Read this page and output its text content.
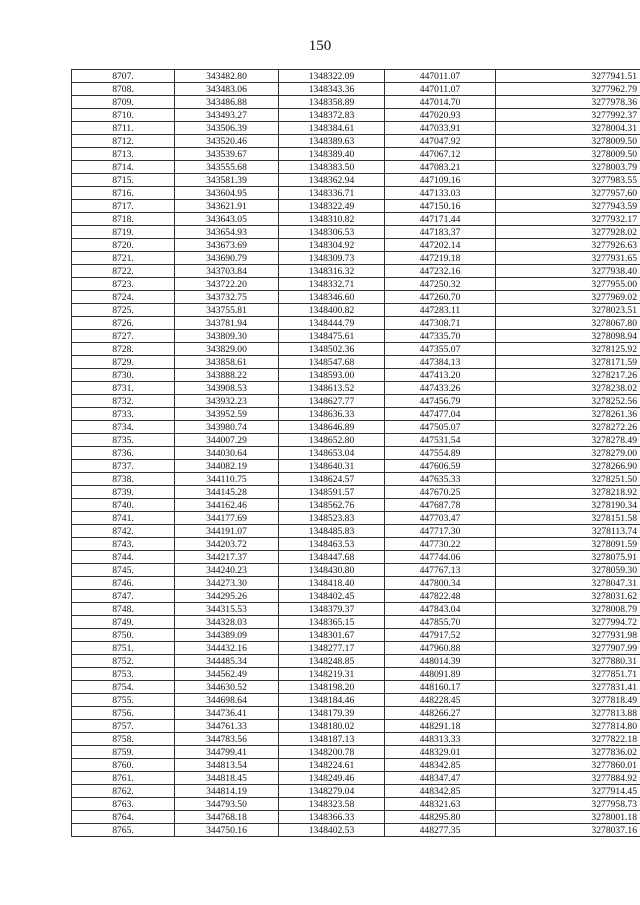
150
8707.	343482.80	1348322.09	447011.07	3277941.51
8708.	343483.06	1348343.36	447011.07	3277962.79
8709.	343486.88	1348358.89	447014.70	3277978.36
8710.	343493.27	1348372.83	447020.93	3277992.37
8711.	343506.39	1348384.61	447033.91	3278004.31
8712.	343520.46	1348389.63	447047.92	3278009.50
8713.	343539.67	1348389.40	447067.12	3278009.50
8714.	343555.68	1348383.50	447083.21	3278003.79
8715.	343581.39	1348362.94	447109.16	3277983.55
8716.	343604.95	1348336.71	447133.03	3277957.60
8717.	343621.91	1348322.49	447150.16	3277943.59
8718.	343643.05	1348310.82	447171.44	3277932.17
8719.	343654.93	1348306.53	447183.37	3277928.02
8720.	343673.69	1348304.92	447202.14	3277926.63
8721.	343690.79	1348309.73	447219.18	3277931.65
8722.	343703.84	1348316.32	447232.16	3277938.40
8723.	343722.20	1348332.71	447250.32	3277955.00
8724.	343732.75	1348346.60	447260.70	3277969.02
8725.	343755.81	1348400.82	447283.11	3278023.51
8726.	343781.94	1348444.79	447308.71	3278067.80
8727.	343809.30	1348475.61	447335.70	3278098.94
8728.	343829.00	1348502.36	447355.07	3278125.92
8729.	343858.61	1348547.68	447384.13	3278171.59
8730.	343888.22	1348593.00	447413.20	3278217.26
8731.	343908.53	1348613.52	447433.26	3278238.02
8732.	343932.23	1348627.77	447456.79	3278252.56
8733.	343952.59	1348636.33	447477.04	3278261.36
8734.	343980.74	1348646.89	447505.07	3278272.26
8735.	344007.29	1348652.80	447531.54	3278278.49
8736.	344030.64	1348653.04	447554.89	3278279.00
8737.	344082.19	1348640.31	447606.59	3278266.90
8738.	344110.75	1348624.57	447635.33	3278251.50
8739.	344145.28	1348591.57	447670.25	3278218.92
8740.	344162.46	1348562.76	447687.78	3278190.34
8741.	344177.69	1348523.83	447703.47	3278151.58
8742.	344191.07	1348485.83	447717.30	3278113.74
8743.	344203.72	1348463.53	447730.22	3278091.59
8744.	344217.37	1348447.68	447744.06	3278075.91
8745.	344240.23	1348430.80	447767.13	3278059.30
8746.	344273.30	1348418.40	447800.34	3278047.31
8747.	344295.26	1348402.45	447822.48	3278031.62
8748.	344315.53	1348379.37	447843.04	3278008.79
8749.	344328.03	1348365.15	447855.70	3277994.72
8750.	344389.09	1348301.67	447917.52	3277931.98
8751.	344432.16	1348277.17	447960.88	3277907.99
8752.	344485.34	1348248.85	448014.39	3277880.31
8753.	344562.49	1348219.31	448091.89	3277851.71
8754.	344630.52	1348198.20	448160.17	3277831.41
8755.	344698.64	1348184.46	448228.45	3277818.49
8756.	344736.41	1348179.39	448266.27	3277813.88
8757.	344761.33	1348180.02	448291.18	3277814.80
8758.	344783.56	1348187.13	448313.33	3277822.18
8759.	344799.41	1348200.78	448329.01	3277836.02
8760.	344813.54	1348224.61	448342.85	3277860.01
8761.	344818.45	1348249.46	448347.47	3277884.92
8762.	344814.19	1348279.04	448342.85	3277914.45
8763.	344793.50	1348323.58	448321.63	3277958.73
8764.	344768.18	1348366.33	448295.80	3278001.18
8765.	344750.16	1348402.53	448277.35	3278037.16
